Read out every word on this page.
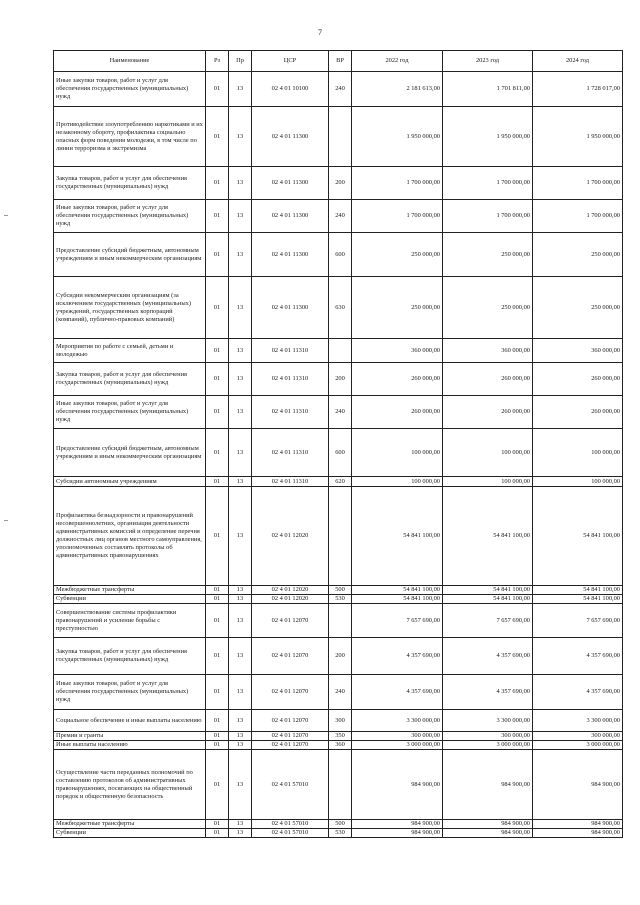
7
Наименование	Рз	Пр	ЦСР	ВР	2022 год	2023 год	2024 год
Иные закупки товаров, работ и услуг для обеспечения государственных (муниципальных) нужд	01	13	02 4 01 10100	240	2 181 613,00	1 701 811,00	1 728 017,00
Противодействие злоупотреблению наркотиками и их незаконному обороту, профилактика социально опасных форм поведения молодежи, в том числе по линии терроризма и экстремизма	01	13	02 4 01 11300		1 950 000,00	1 950 000,00	1 950 000,00
Закупка товаров, работ и услуг для обеспечения государственных (муниципальных) нужд	01	13	02 4 01 11300	200	1 700 000,00	1 700 000,00	1 700 000,00
Иные закупки товаров, работ и услуг для обеспечения государственных (муниципальных) нужд	01	13	02 4 01 11300	240	1 700 000,00	1 700 000,00	1 700 000,00
Предоставление субсидий бюджетным, автономным учреждениям и иным некоммерческим организациям	01	13	02 4 01 11300	600	250 000,00	250 000,00	250 000,00
Субсидии некоммерческим организациям (за исключением государственных (муниципальных) учреждений, государственных корпораций (компаний), публично-правовых компаний)	01	13	02 4 01 11300	630	250 000,00	250 000,00	250 000,00
Мероприятия по работе с семьей, детьми и молодежью	01	13	02 4 01 11310		360 000,00	360 000,00	360 000,00
Закупка товаров, работ и услуг для обеспечения государственных (муниципальных) нужд	01	13	02 4 01 11310	200	260 000,00	260 000,00	260 000,00
Иные закупки товаров, работ и услуг для обеспечения государственных (муниципальных) нужд	01	13	02 4 01 11310	240	260 000,00	260 000,00	260 000,00
Предоставление субсидий бюджетным, автономным учреждениям и иным некоммерческим организациям	01	13	02 4 01 11310	600	100 000,00	100 000,00	100 000,00
Субсидии автономным учреждениям	01	13	02 4 01 11310	620	100 000,00	100 000,00	100 000,00
Профилактика безнадзорности и правонарушений несовершеннолетних, организация деятельности административных комиссий и определение перечня должностных лиц органов местного самоуправления, уполномоченных составлять протоколы об административных правонарушениях	01	13	02 4 01 12020		54 841 100,00	54 841 100,00	54 841 100,00
Межбюджетные трансферты	01	13	02 4 01 12020	500	54 841 100,00	54 841 100,00	54 841 100,00
Субвенции	01	13	02 4 01 12020	530	54 841 100,00	54 841 100,00	54 841 100,00
Совершенствование системы профилактики правонарушений и усиление борьбы с преступностью	01	13	02 4 01 12070		7 657 690,00	7 657 690,00	7 657 690,00
Закупка товаров, работ и услуг для обеспечения государственных (муниципальных) нужд	01	13	02 4 01 12070	200	4 357 690,00	4 357 690,00	4 357 690,00
Иные закупки товаров, работ и услуг для обеспечения государственных (муниципальных) нужд	01	13	02 4 01 12070	240	4 357 690,00	4 357 690,00	4 357 690,00
Социальное обеспечение и иные выплаты населению	01	13	02 4 01 12070	300	3 300 000,00	3 300 000,00	3 300 000,00
Премии и гранты	01	13	02 4 01 12070	350	300 000,00	300 000,00	300 000,00
Иные выплаты населению	01	13	02 4 01 12070	360	3 000 000,00	3 000 000,00	3 000 000,00
Осуществление части переданных полномочий по составлению протоколов об административных правонарушениях, посягающих на общественный порядок и общественную безопасность	01	13	02 4 01 57010		984 900,00	984 900,00	984 900,00
Межбюджетные трансферты	01	13	02 4 01 57010	500	984 900,00	984 900,00	984 900,00
Субвенции	01	13	02 4 01 57010	530	984 900,00	984 900,00	984 900,00
